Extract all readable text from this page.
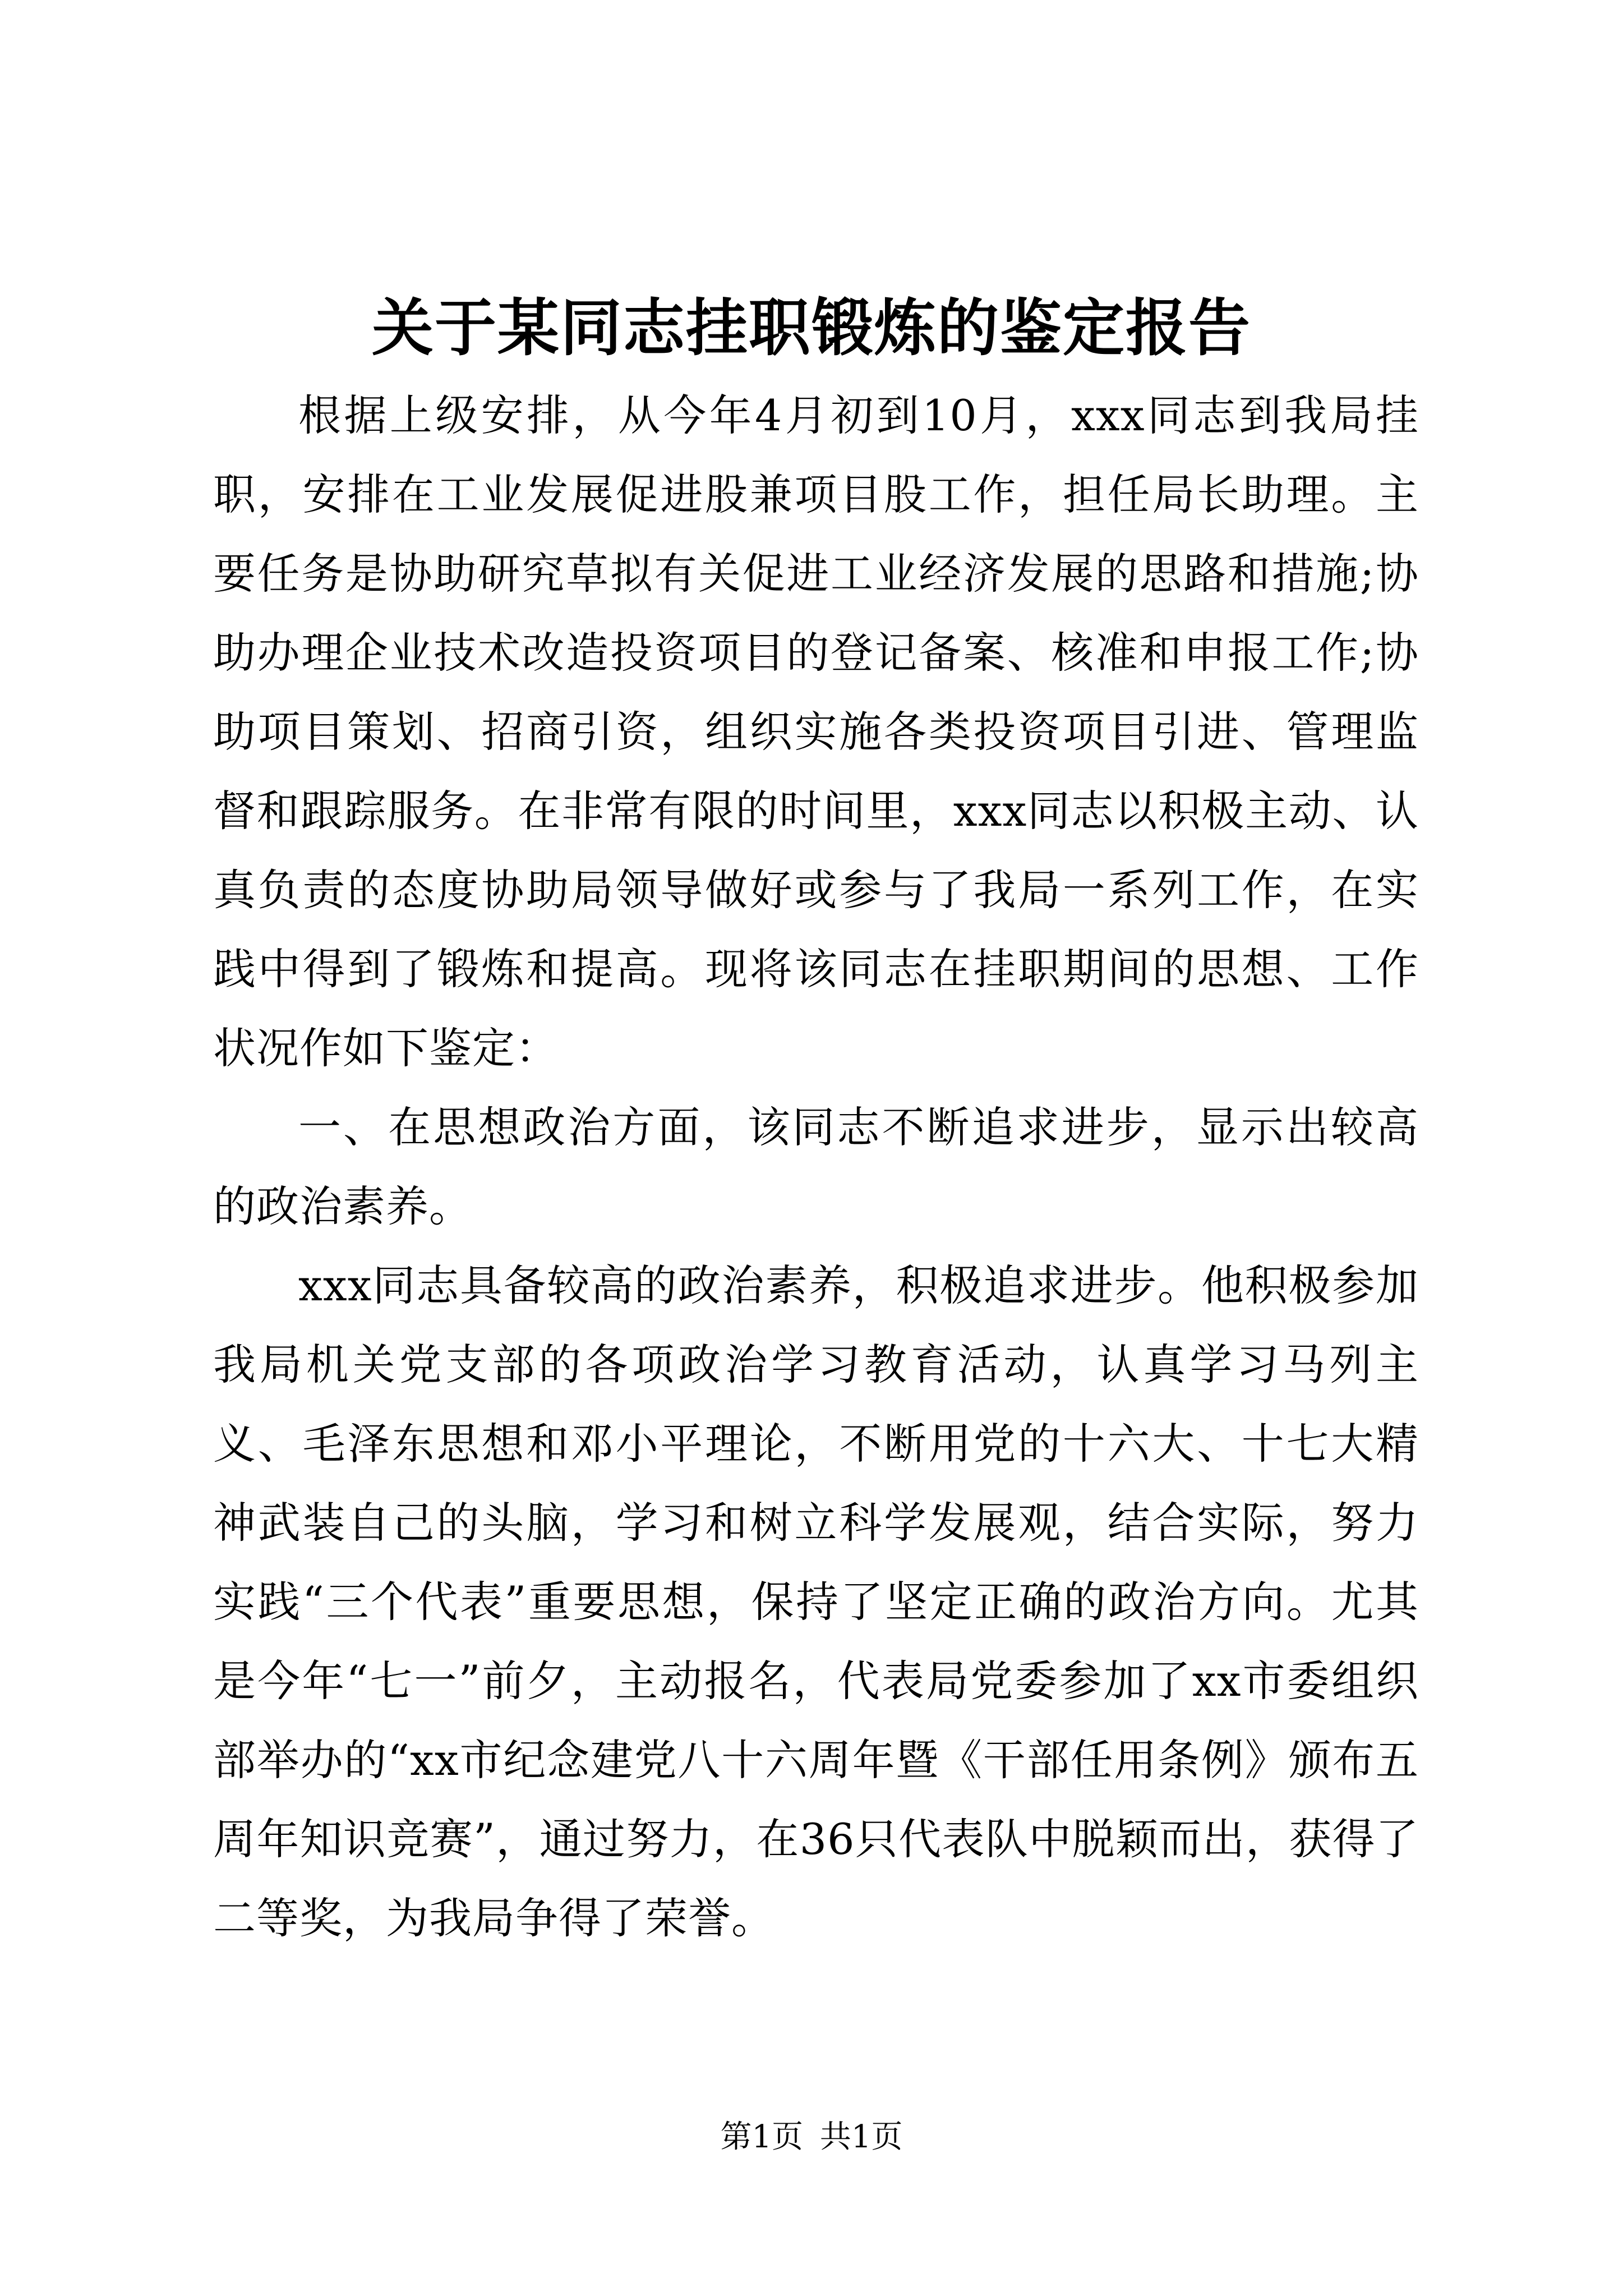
关于某同志挂职锻炼的鉴定报告

根据上级安排，从今年4月初到10月，xxx同志到我局挂职，安排在工业发展促进股兼项目股工作，担任局长助理。主要任务是协助研究草拟有关促进工业经济发展的思路和措施;协助办理企业技术改造投资项目的登记备案、核准和申报工作;协助项目策划、招商引资，组织实施各类投资项目引进、管理监督和跟踪服务。在非常有限的时间里，xxx同志以积极主动、认真负责的态度协助局领导做好或参与了我局一系列工作，在实践中得到了锻炼和提高。现将该同志在挂职期间的思想、工作状况作如下鉴定：

一、在思想政治方面，该同志不断追求进步，显示出较高的政治素养。

xxx同志具备较高的政治素养，积极追求进步。他积极参加我局机关党支部的各项政治学习教育活动，认真学习马列主义、毛泽东思想和邓小平理论，不断用党的十六大、十七大精神武装自己的头脑，学习和树立科学发展观，结合实际，努力实践“三个代表”重要思想，保持了坚定正确的政治方向。尤其是今年“七一”前夕，主动报名，代表局党委参加了xx市委组织部举办的“xx市纪念建党八十六周年暨《干部任用条例》颁布五周年知识竞赛”，通过努力，在36只代表队中脱颖而出，获得了二等奖，为我局争得了荣誉。

第1页 共1页
